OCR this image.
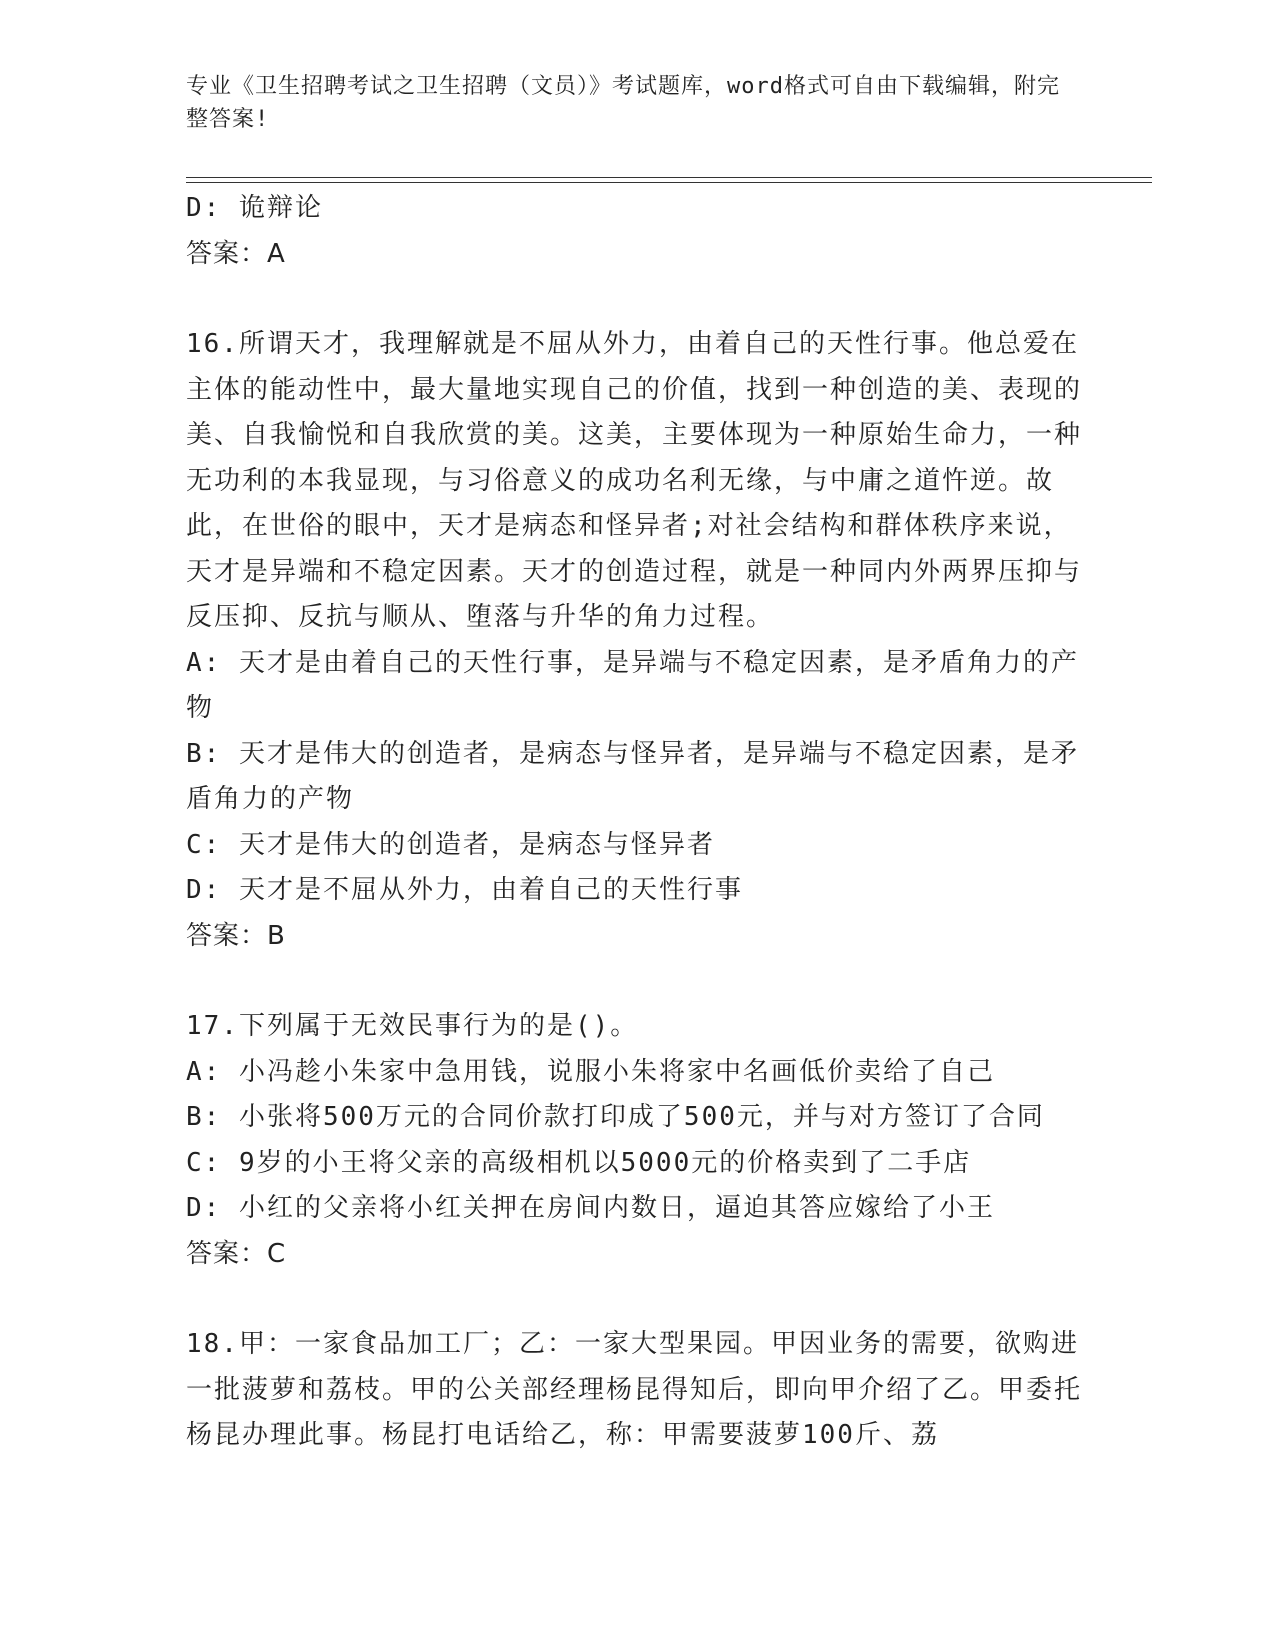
专业《卫生招聘考试之卫生招聘（文员）》考试题库，word格式可自由下载编辑，附完整答案!
D: 诡辩论
答案：A
16.所谓天才，我理解就是不屈从外力，由着自己的天性行事。他总爱在主体的能动性中，最大量地实现自己的价值，找到一种创造的美、表现的美、自我愉悦和自我欣赏的美。这美，主要体现为一种原始生命力，一种无功利的本我显现，与习俗意义的成功名利无缘，与中庸之道忤逆。故此，在世俗的眼中，天才是病态和怪异者;对社会结构和群体秩序来说，天才是异端和不稳定因素。天才的创造过程，就是一种同内外两界压抑与反压抑、反抗与顺从、堕落与升华的角力过程。
A: 天才是由着自己的天性行事，是异端与不稳定因素，是矛盾角力的产物
B: 天才是伟大的创造者，是病态与怪异者，是异端与不稳定因素，是矛盾角力的产物
C: 天才是伟大的创造者，是病态与怪异者
D: 天才是不屈从外力，由着自己的天性行事
答案：B
17.下列属于无效民事行为的是()。
A: 小冯趁小朱家中急用钱，说服小朱将家中名画低价卖给了自己
B: 小张将500万元的合同价款打印成了500元，并与对方签订了合同
C: 9岁的小王将父亲的高级相机以5000元的价格卖到了二手店
D: 小红的父亲将小红关押在房间内数日，逼迫其答应嫁给了小王
答案：C
18.甲：一家食品加工厂；乙：一家大型果园。甲因业务的需要，欲购进一批菠萝和荔枝。甲的公关部经理杨昆得知后，即向甲介绍了乙。甲委托杨昆办理此事。杨昆打电话给乙，称：甲需要菠萝100斤、荔
